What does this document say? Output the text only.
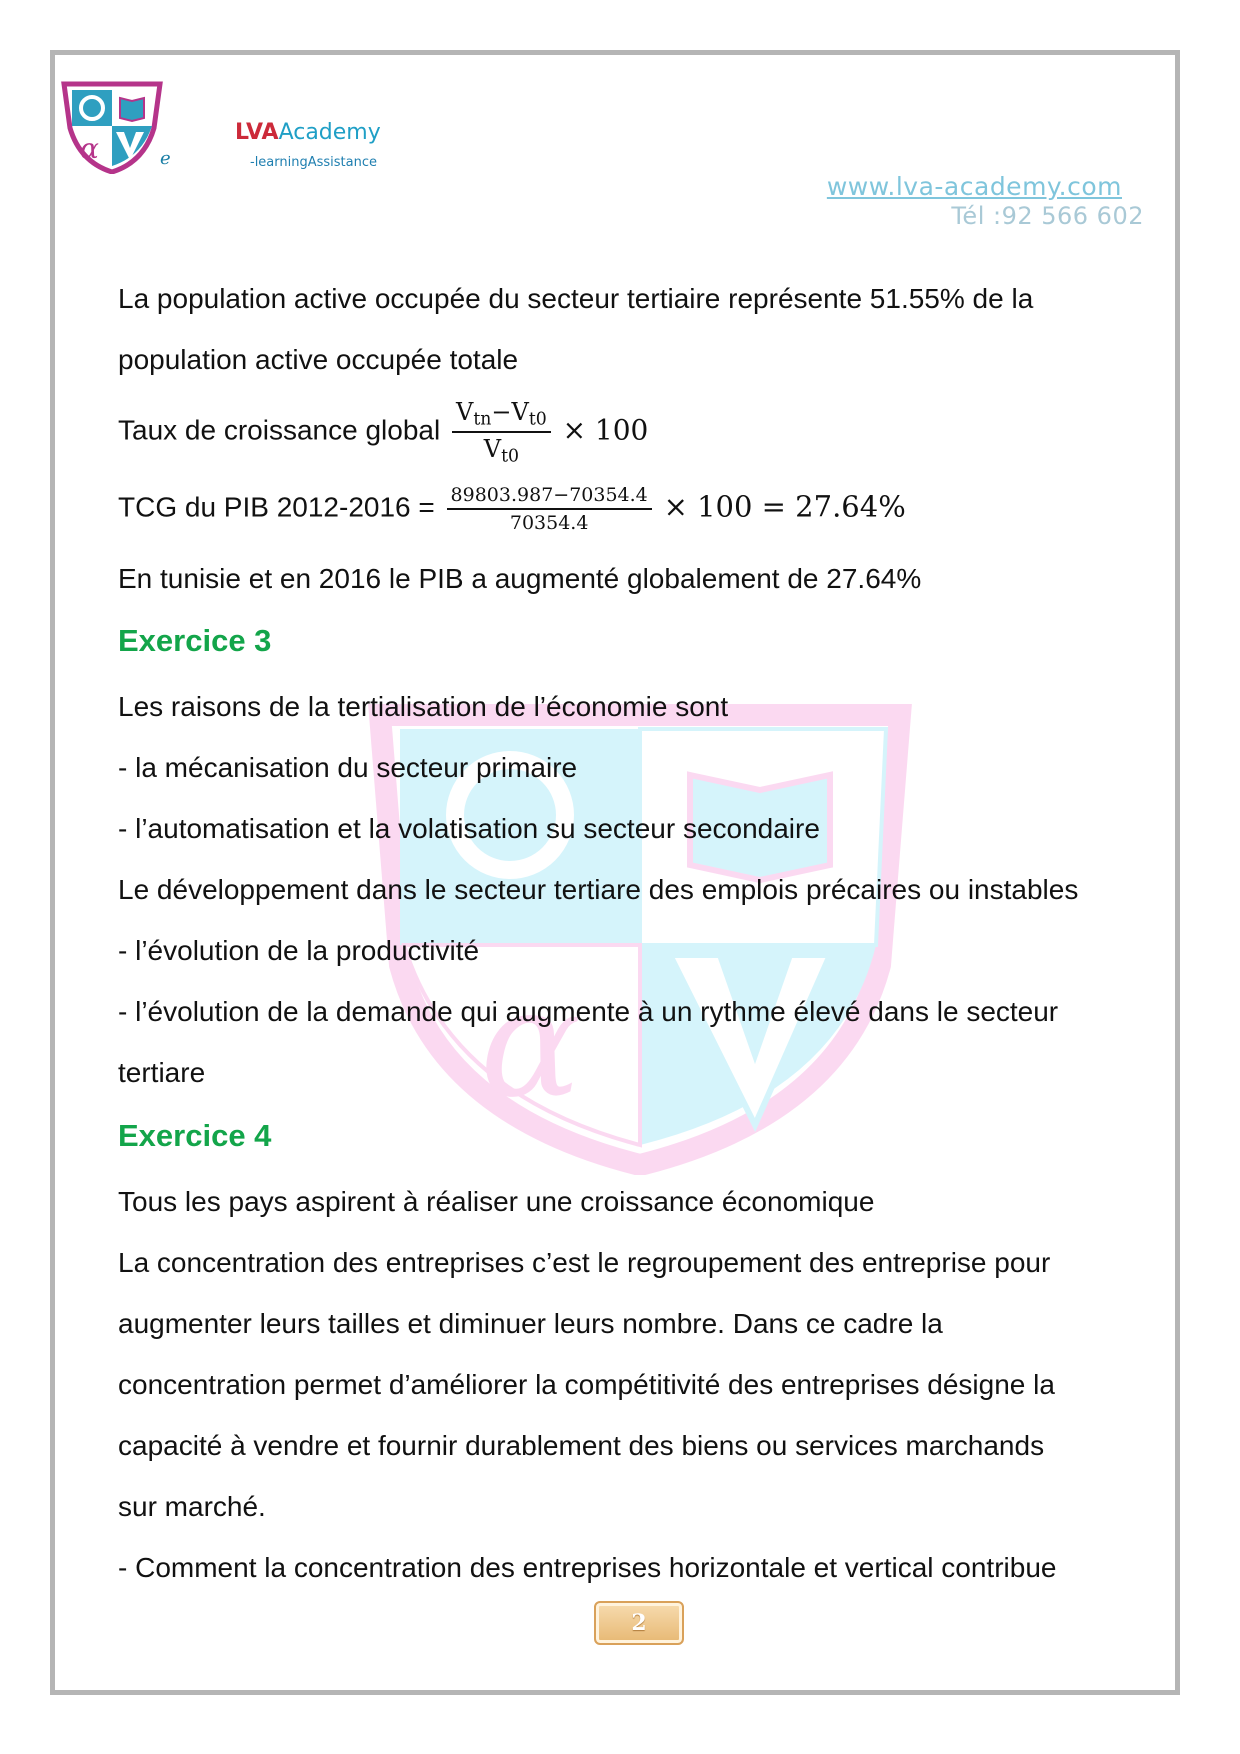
α
α	e
LVAAcademy
-learningAssistance
www.lva-academy.com
Tél :92 566 602
La population active occupée du secteur tertiaire représente 51.55% de la
population active occupée totale
Taux de croissance global $\frac{V_{tn}-V_{t0}}{V_{t0}} \times 100$
TCG du PIB $2012-2016 = \frac{89803.987-70354.4}{70354.4} \times 100 = 27.64\%$
En tunisie et en 2016 le PIB a augmenté globalement de 27.64%
Exercice 3
Les raisons de la tertialisation de l’économie sont
- la mécanisation du secteur primaire
- l’automatisation et la volatisation su secteur secondaire
Le développement dans le secteur tertiare des emplois précaires ou instables
- l’évolution de la productivité
- l’évolution de la demande qui augmente à un rythme élevé dans le secteur
tertiare
Exercice 4
Tous les pays aspirent à réaliser une croissance économique
La concentration des entreprises c’est le regroupement des entreprise pour
augmenter leurs tailles et diminuer leurs nombre. Dans ce cadre la
concentration permet d’améliorer la compétitivité des entreprises désigne la
capacité à vendre et fournir durablement des biens ou services marchands
sur marché.
- Comment la concentration des entreprises horizontale et vertical contribue
2
